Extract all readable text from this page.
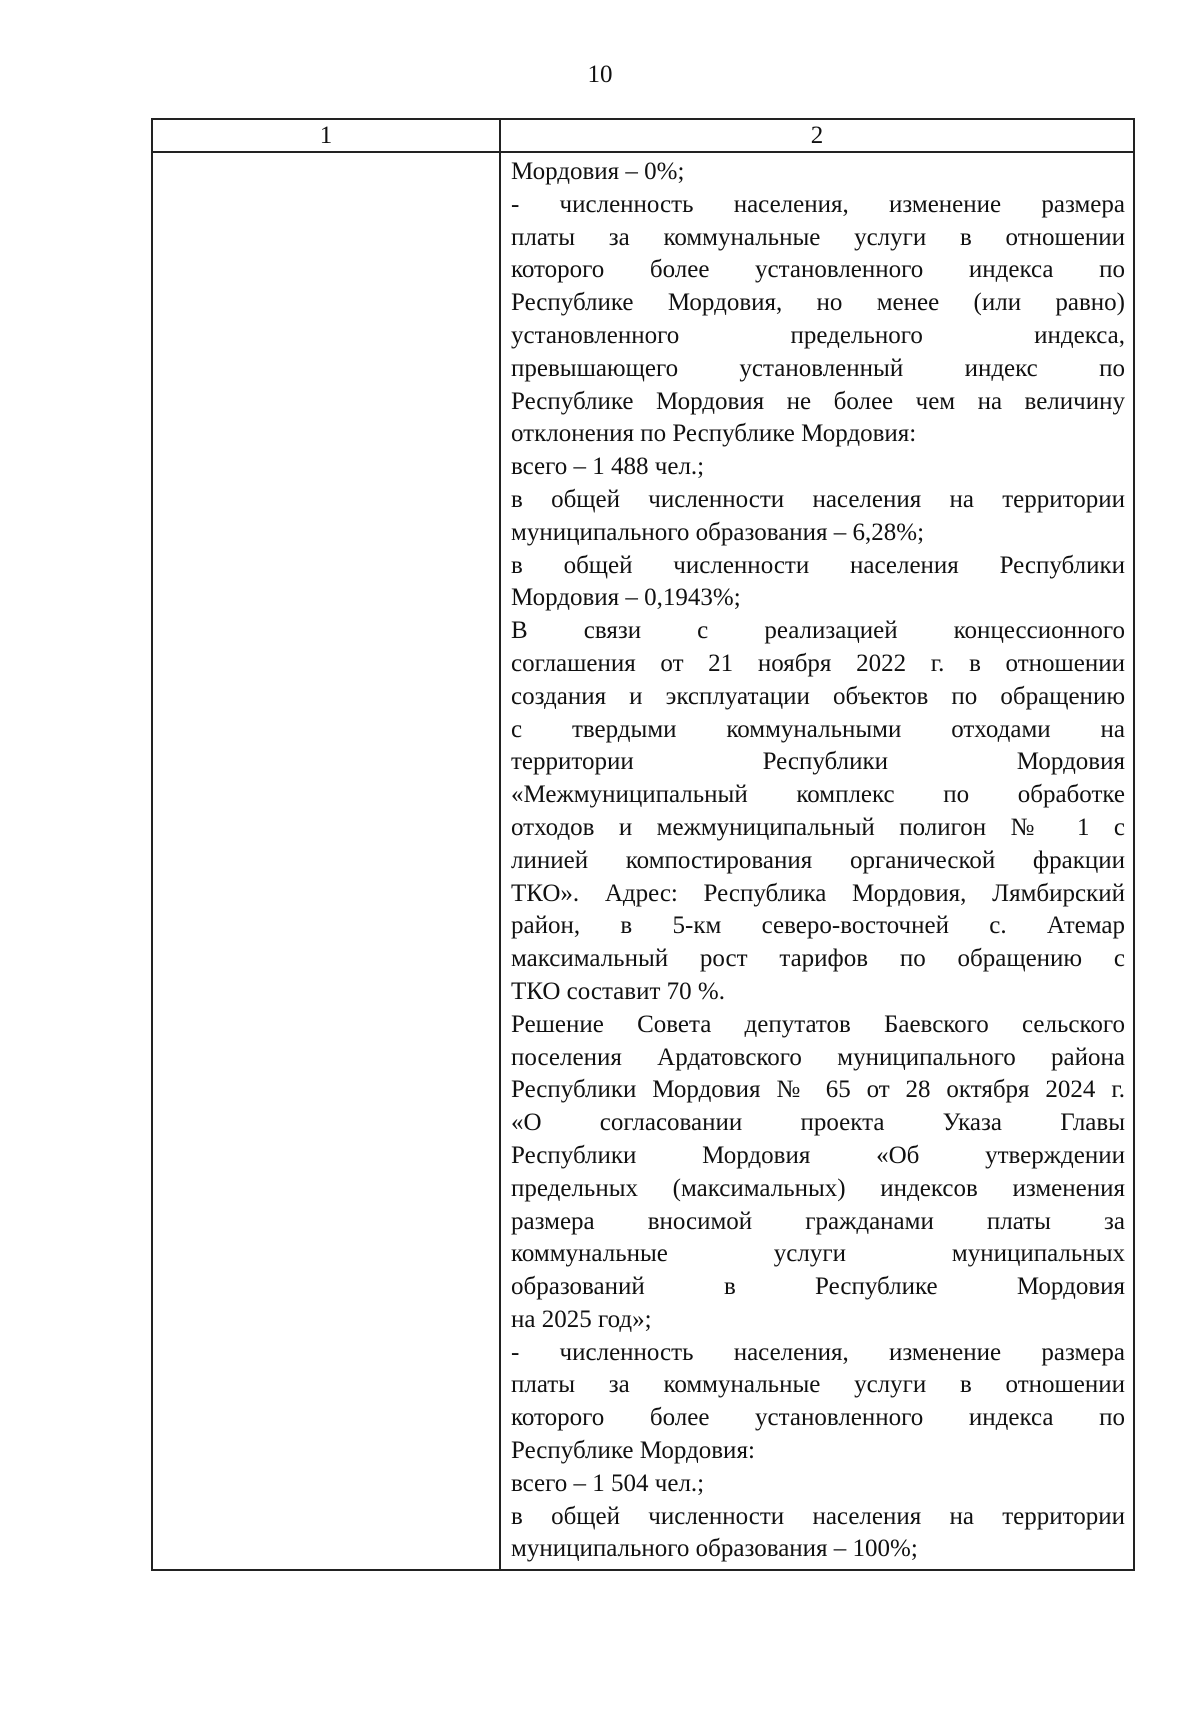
10
1	2
Мордовия – 0%;
- численность населения, изменение размера
платы за коммунальные услуги в отношении
которого более установленного индекса по
Республике Мордовия, но менее (или равно)
установленного предельного индекса,
превышающего установленный индекс по
Республике Мордовия не более чем на величину
отклонения по Республике Мордовия:
всего – 1 488 чел.;
в общей численности населения на территории
муниципального образования – 6,28%;
в общей численности населения Республики
Мордовия – 0,1943%;
В связи с реализацией концессионного
соглашения от 21 ноября 2022 г. в отношении
создания и эксплуатации объектов по обращению
с твердыми коммунальными отходами на
территории Республики Мордовия
«Межмуниципальный комплекс по обработке
отходов и межмуниципальный полигон № 1 с
линией компостирования органической фракции
ТКО». Адрес: Республика Мордовия, Лямбирский
район, в 5-км северо-восточней с. Атемар
максимальный рост тарифов по обращению с
ТКО составит 70 %.
Решение Совета депутатов Баевского сельского
поселения Ардатовского муниципального района
Республики Мордовия № 65 от 28 октября 2024 г.
«О согласовании проекта Указа Главы
Республики Мордовия «Об утверждении
предельных (максимальных) индексов изменения
размера вносимой гражданами платы за
коммунальные услуги муниципальных
образований в Республике Мордовия
на 2025 год»;
- численность населения, изменение размера
платы за коммунальные услуги в отношении
которого более установленного индекса по
Республике Мордовия:
всего – 1 504 чел.;
в общей численности населения на территории
муниципального образования – 100%;
